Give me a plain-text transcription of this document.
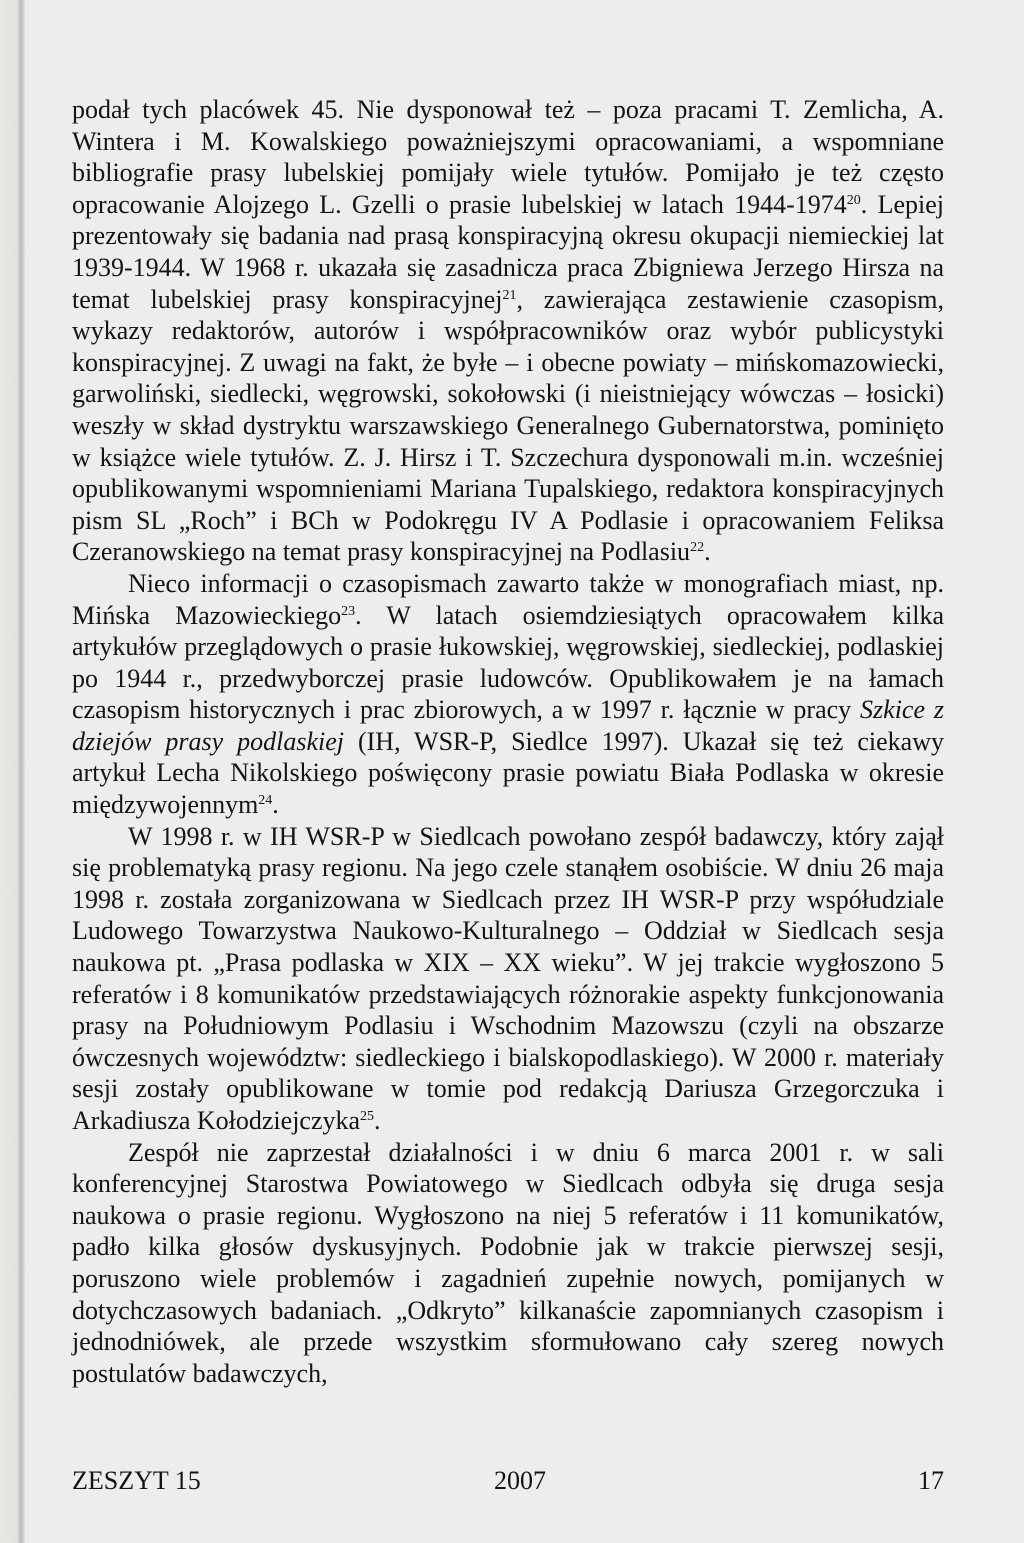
podał tych placówek 45. Nie dysponował też – poza pracami T. Zemlicha, A. Wintera i M. Kowalskiego poważniejszymi opracowaniami, a wspomniane bibliografie prasy lubelskiej pomijały wiele tytułów. Pomijało je też często opracowanie Alojzego L. Gzelli o prasie lubelskiej w latach 1944-1974$^{20}$. Lepiej prezentowały się badania nad prasą konspiracyjną okresu okupacji niemieckiej lat 1939-1944. W 1968 r. ukazała się zasadnicza praca Zbigniewa Jerzego Hirsza na temat lubelskiej prasy konspiracyjnej$^{21}$, zawierająca zestawienie czasopism, wykazy redaktorów, autorów i współpracowników oraz wybór publicystyki konspiracyjnej. Z uwagi na fakt, że byłe – i obecne powiaty – mińskomazowiecki, garwoliński, siedlecki, węgrowski, sokołowski (i nieistniejący wówczas – łosicki) weszły w skład dystryktu warszawskiego Generalnego Gubernatorstwa, pominięto w książce wiele tytułów. Z. J. Hirsz i T. Szczechura dysponowali m.in. wcześniej opublikowanymi wspomnieniami Mariana Tupalskiego, redaktora konspiracyjnych pism SL „Roch” i BCh w Podokręgu IV A Podlasie i opracowaniem Feliksa Czeranowskiego na temat prasy konspiracyjnej na Podlasiu$^{22}$.

Nieco informacji o czasopismach zawarto także w monografiach miast, np. Mińska Mazowieckiego$^{23}$. W latach osiemdziesiątych opracowałem kilka artykułów przeglądowych o prasie łukowskiej, węgrowskiej, siedleckiej, podlaskiej po 1944 r., przedwyborczej prasie ludowców. Opublikowałem je na łamach czasopism historycznych i prac zbiorowych, a w 1997 r. łącznie w pracy Szkice z dziejów prasy podlaskiej (IH, WSR-P, Siedlce 1997). Ukazał się też ciekawy artykuł Lecha Nikolskiego poświęcony prasie powiatu Biała Podlaska w okresie międzywojennym$^{24}$.

W 1998 r. w IH WSR-P w Siedlcach powołano zespół badawczy, który zajął się problematyką prasy regionu. Na jego czele stanąłem osobiście. W dniu 26 maja 1998 r. została zorganizowana w Siedlcach przez IH WSR-P przy współudziale Ludowego Towarzystwa Naukowo-Kulturalnego – Oddział w Siedlcach sesja naukowa pt. „Prasa podlaska w XIX – XX wieku”. W jej trakcie wygłoszono 5 referatów i 8 komunikatów przedstawiających różnorakie aspekty funkcjonowania prasy na Południowym Podlasiu i Wschodnim Mazowszu (czyli na obszarze ówczesnych województw: siedleckiego i bialskopodlaskiego). W 2000 r. materiały sesji zostały opublikowane w tomie pod redakcją Dariusza Grzegorczuka i Arkadiusza Kołodziejczyka$^{25}$.

Zespół nie zaprzestał działalności i w dniu 6 marca 2001 r. w sali konferencyjnej Starostwa Powiatowego w Siedlcach odbyła się druga sesja naukowa o prasie regionu. Wygłoszono na niej 5 referatów i 11 komunikatów, padło kilka głosów dyskusyjnych. Podobnie jak w trakcie pierwszej sesji, poruszono wiele problemów i zagadnień zupełnie nowych, pomijanych w dotychczasowych badaniach. „Odkryto” kilkanaście zapomnianych czasopism i jednodniówek, ale przede wszystkim sformułowano cały szereg nowych postulatów badawczych,

ZESZYT 15	2007	17
